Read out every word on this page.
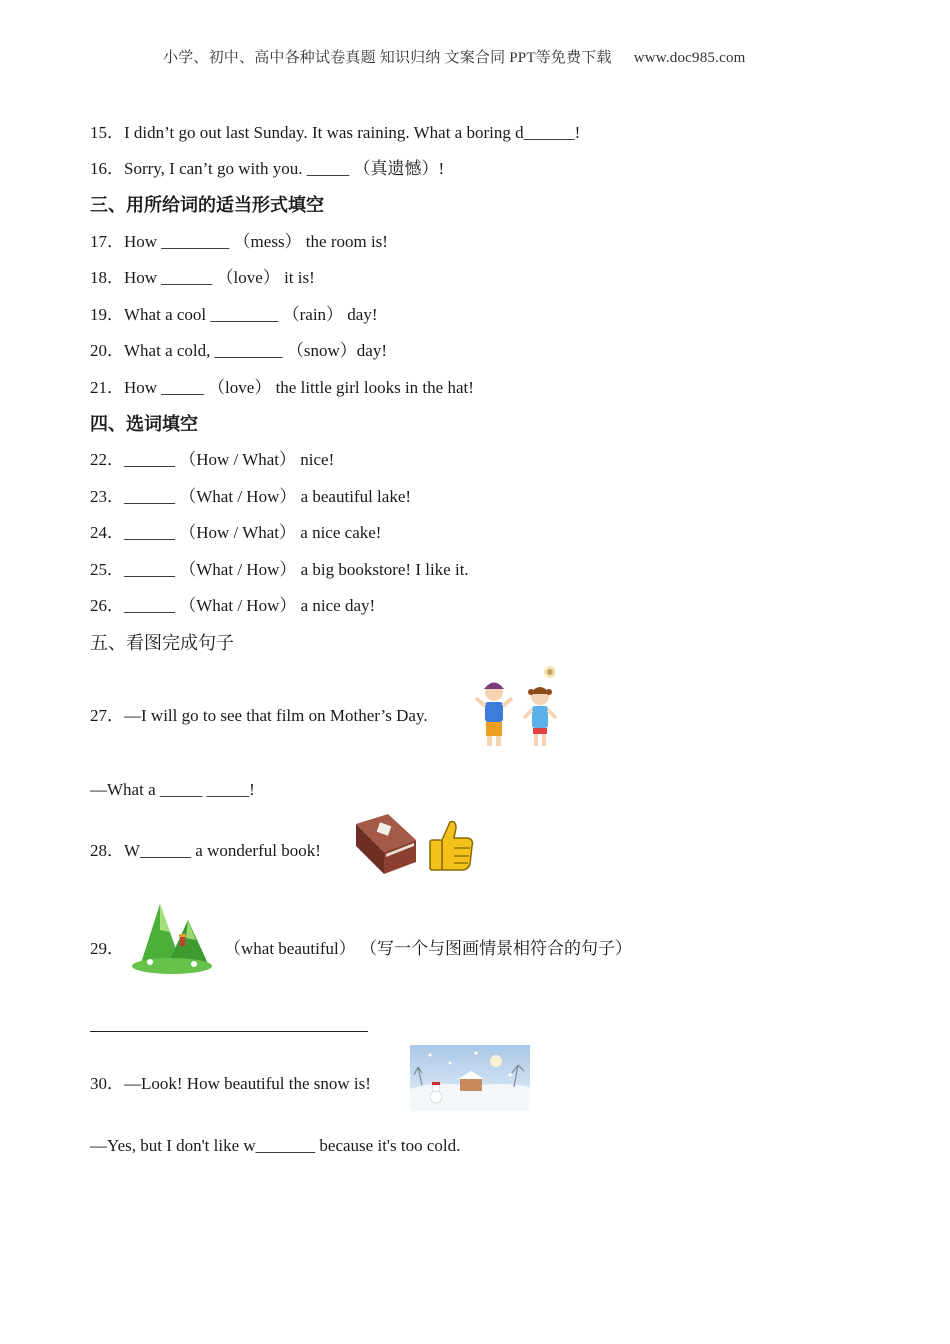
小学、初中、高中各种试卷真题 知识归纳 文案合同 PPT等免费下载 www.doc985.com
15．I didn’t go out last Sunday. It was raining. What a boring d______!
16．Sorry, I can’t go with you. _____ （真遗憾）!
三、用所给词的适当形式填空
17．How ________ （mess） the room is!
18．How ______ （love） it is!
19．What a cool ________ （rain） day!
20．What a cold, ________ （snow）day!
21．How _____ （love） the little girl looks in the hat!
四、选词填空
22．______ （How / What） nice!
23．______ （What / How） a beautiful lake!
24．______ （How / What） a nice cake!
25．______ （What / How） a big bookstore! I like it.
26．______ （What / How） a nice day!
五、看图完成句子
27．—I will go to see that film on Mother’s Day.
—What a _____ _____!
28．W______ a wonderful book!
29．	（what beautiful） （写一个与图画情景相符合的句子）
30．—Look! How beautiful the snow is!
—Yes, but I don't like w_______ because it's too cold.
